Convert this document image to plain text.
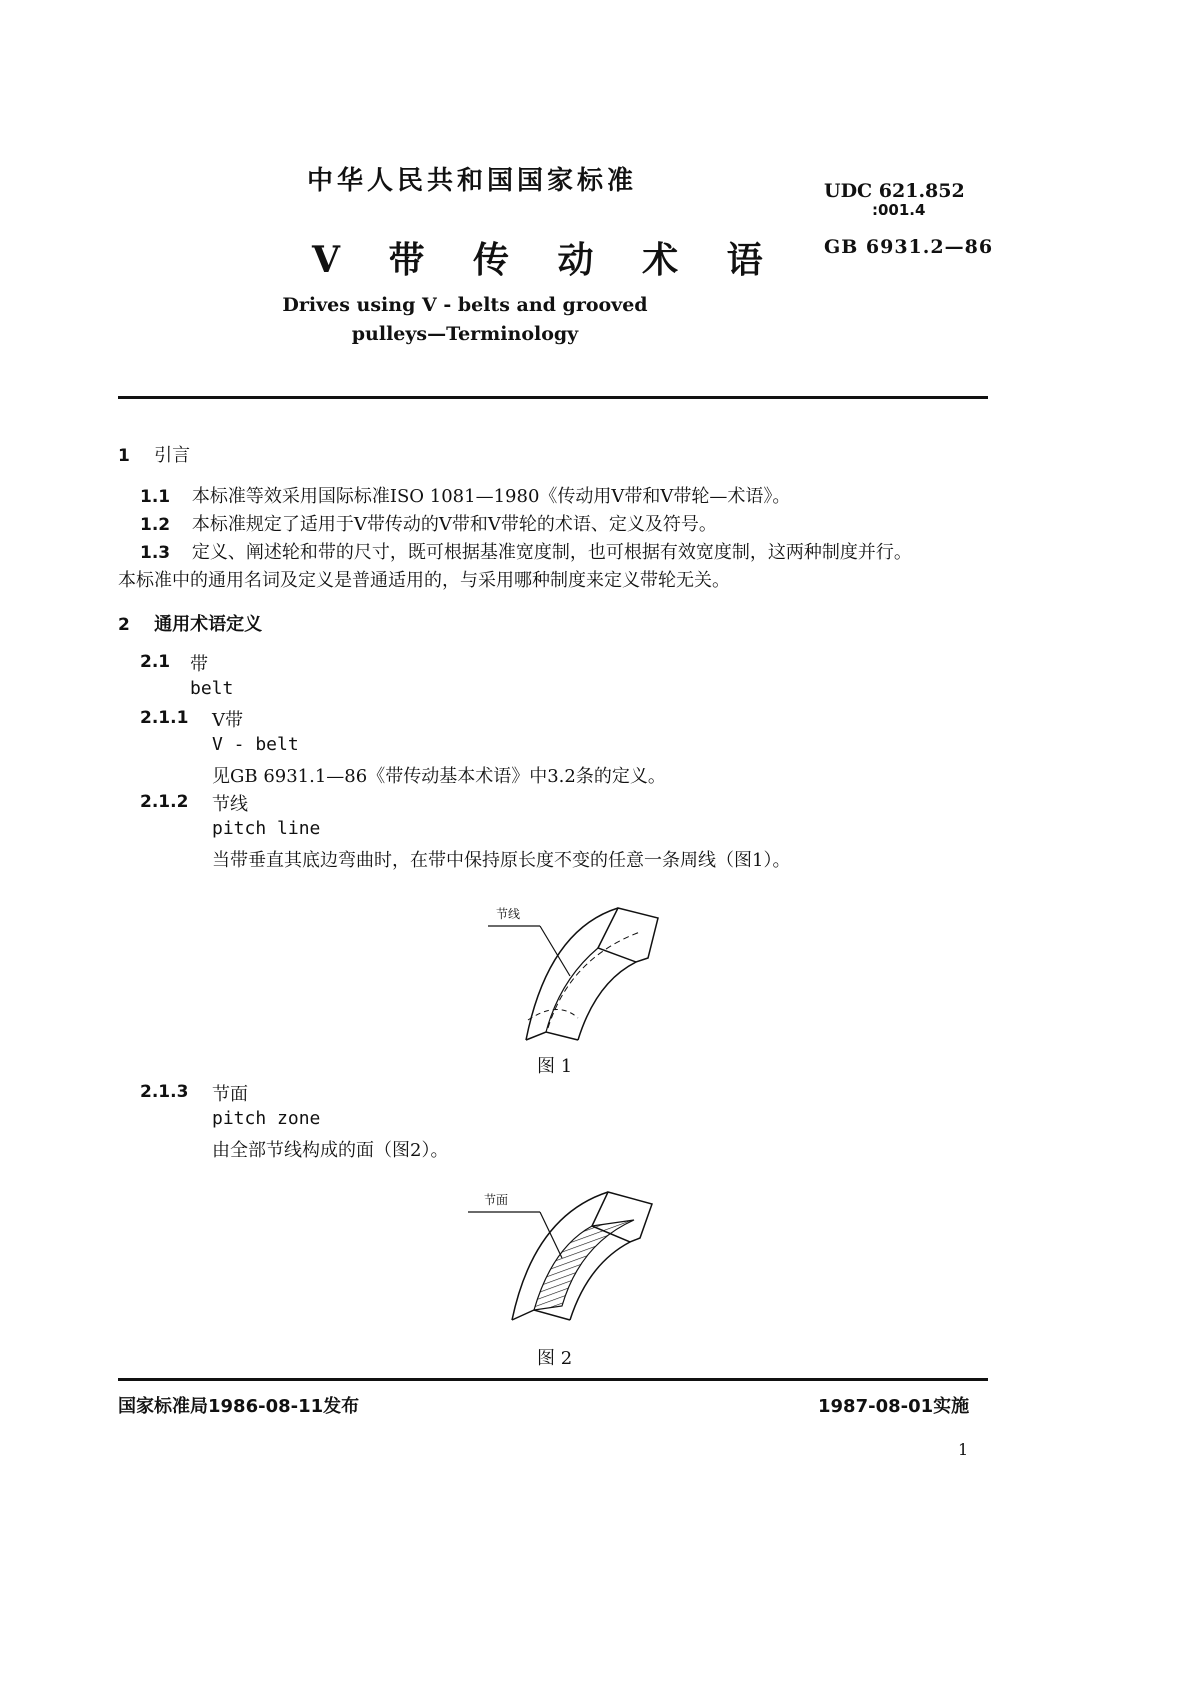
中华人民共和国国家标准
V 带 传 动 术 语
Drives using V - belts and grooved
pulleys—Terminology
UDC 621.852
:001.4
GB 6931.2—86
1 引言
1.1 本标准等效采用国际标准ISO 1081—1980《传动用V带和V带轮—术语》。
1.2 本标准规定了适用于V带传动的V带和V带轮的术语、定义及符号。
1.3 定义、阐述轮和带的尺寸，既可根据基准宽度制，也可根据有效宽度制，这两种制度并行。
本标准中的通用名词及定义是普通适用的，与采用哪种制度来定义带轮无关。
2 通用术语定义
2.1 带
belt
2.1.1 V带
V - belt
见GB 6931.1—86《带传动基本术语》中3.2条的定义。
2.1.2 节线
pitch line
当带垂直其底边弯曲时，在带中保持原长度不变的任意一条周线（图1）。
节线
图 1
2.1.3 节面
pitch zone
由全部节线构成的面（图2）。
节面
图 2
国家标准局1986-08-11发布	1987-08-01实施
1
